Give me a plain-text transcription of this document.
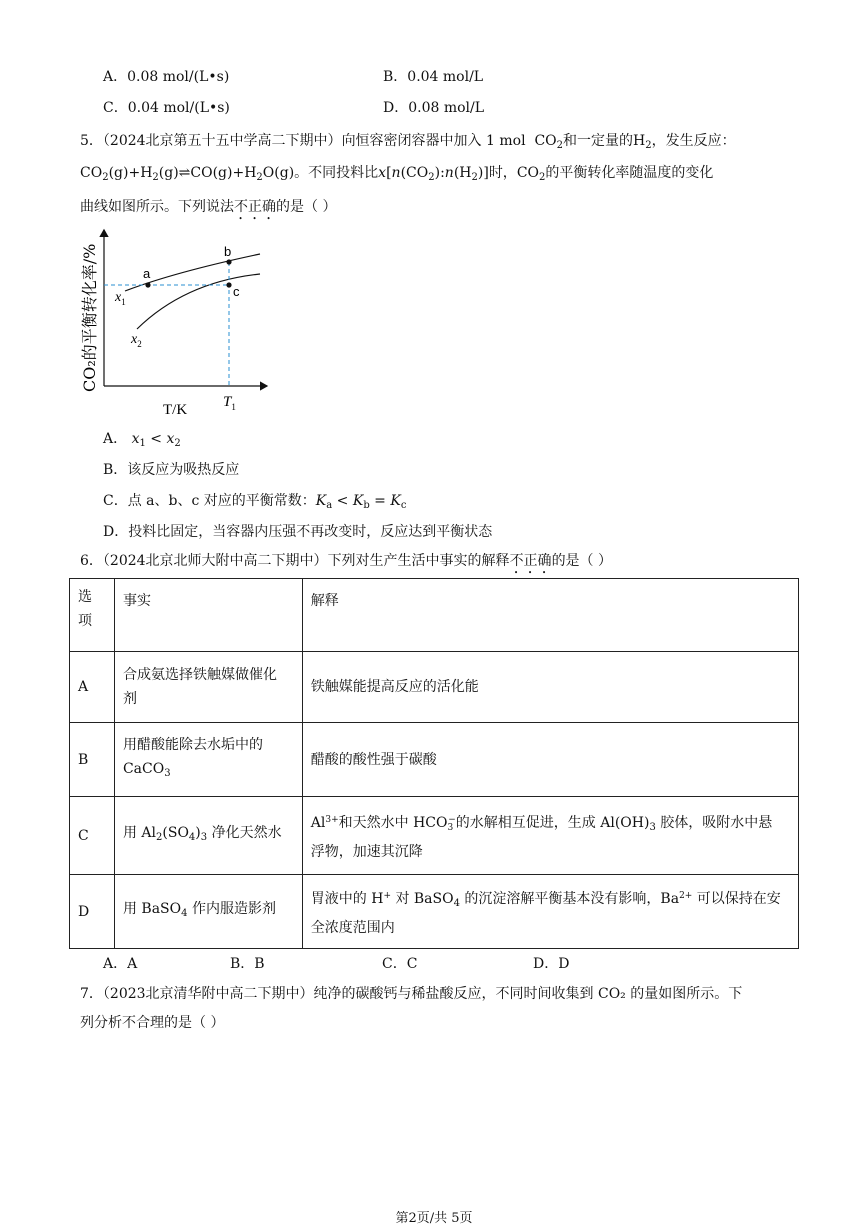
A．0.08 mol/(L•s)	B．0.04 mol/L
C．0.04 mol/(L•s)	D．0.08 mol/L
5．（2024北京第五十五中学高二下期中）向恒容密闭容器中加入 1 mol  $CO_2$和一定量的$H_2$，发生反应：
$CO_2(g)+H_2(g)\rightleftharpoons CO(g)+H_2O(g)$。不同投料比$x[n(CO_2):n(H_2)]$时，$CO_2$的平衡转化率随温度的变化
曲线如图所示。下列说法不正确的是（ ）
a
b
c
$x_1$
$x_2$
T/K $T_1$
CO₂的平衡转化率/%
A． $x_1 < x_2$
B．该反应为吸热反应
C．点 a、b、c 对应的平衡常数：$K_a < K_b = K_c$
D．投料比固定，当容器内压强不再改变时，反应达到平衡状态
6．（2024北京北师大附中高二下期中）下列对生产生活中事实的解释不正确的是（ ）
选
项	事实	解释
A	合成氨选择铁触媒做催化
剂	铁触媒能提高反应的活化能
B	用醋酸能除去水垢中的
CaCO$_3$	醋酸的酸性强于碳酸
C	用 $Al_2(SO_4)_3$ 净化天然水	$Al^{3+}$和天然水中 $HCO_3^-$的水解相互促进，生成 $Al(OH)_3$ 胶体，吸附水中悬
浮物，加速其沉降
D	用 BaSO$_4$ 作内服造影剂	胃液中的 H+ 对 BaSO$_4$ 的沉淀溶解平衡基本没有影响，$Ba^{2+}$ 可以保持在安
全浓度范围内
A．A	B．B	C．C	D．D
7．（2023北京清华附中高二下期中）纯净的碳酸钙与稀盐酸反应，不同时间收集到 CO₂ 的量如图所示。下
列分析不合理的是（ ）
第2页/共 5页
